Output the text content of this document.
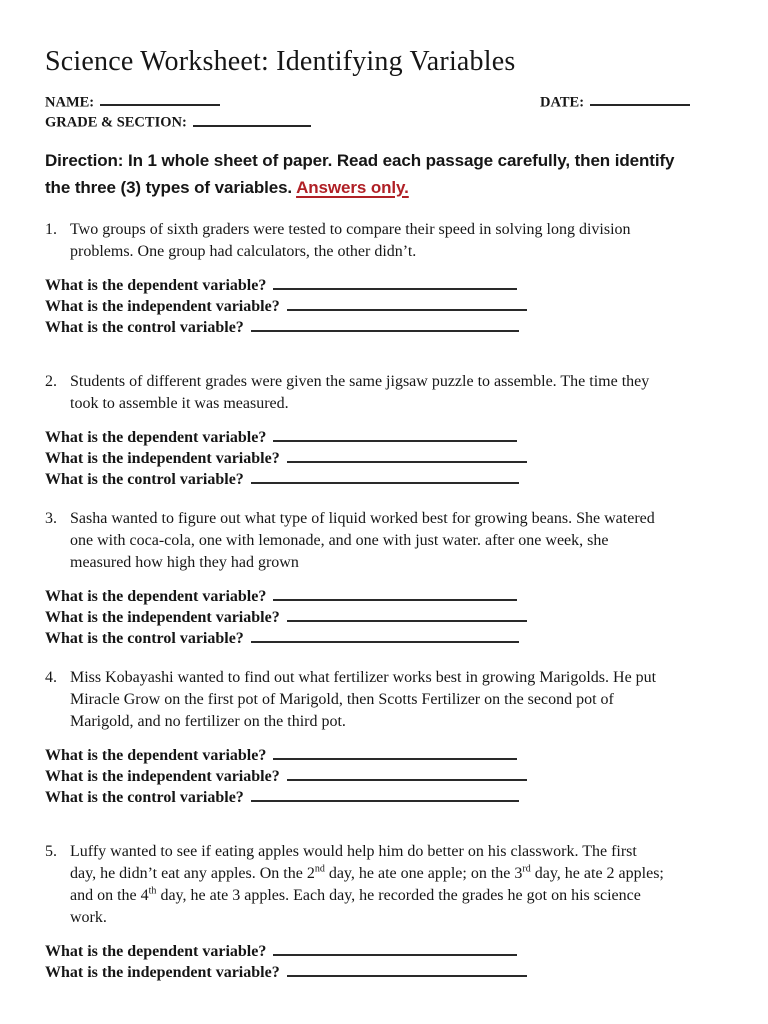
Science Worksheet: Identifying Variables
NAME:	DATE:
GRADE & SECTION:
Direction: In 1 whole sheet of paper. Read each passage carefully, then identify
the three (3) types of variables. Answers only.
1. Two groups of sixth graders were tested to compare their speed in solving long division
problems. One group had calculators, the other didn’t.
What is the dependent variable?
What is the independent variable?
What is the control variable?
2. Students of different grades were given the same jigsaw puzzle to assemble. The time they
took to assemble it was measured.
What is the dependent variable?
What is the independent variable?
What is the control variable?
3. Sasha wanted to figure out what type of liquid worked best for growing beans. She watered
one with coca-cola, one with lemonade, and one with just water. after one week, she
measured how high they had grown
What is the dependent variable?
What is the independent variable?
What is the control variable?
4. Miss Kobayashi wanted to find out what fertilizer works best in growing Marigolds. He put
Miracle Grow on the first pot of Marigold, then Scotts Fertilizer on the second pot of
Marigold, and no fertilizer on the third pot.
What is the dependent variable?
What is the independent variable?
What is the control variable?
5. Luffy wanted to see if eating apples would help him do better on his classwork. The first
day, he didn’t eat any apples. On the 2nd day, he ate one apple; on the 3rd day, he ate 2 apples;
and on the 4th day, he ate 3 apples. Each day, he recorded the grades he got on his science
work.
What is the dependent variable?
What is the independent variable?
